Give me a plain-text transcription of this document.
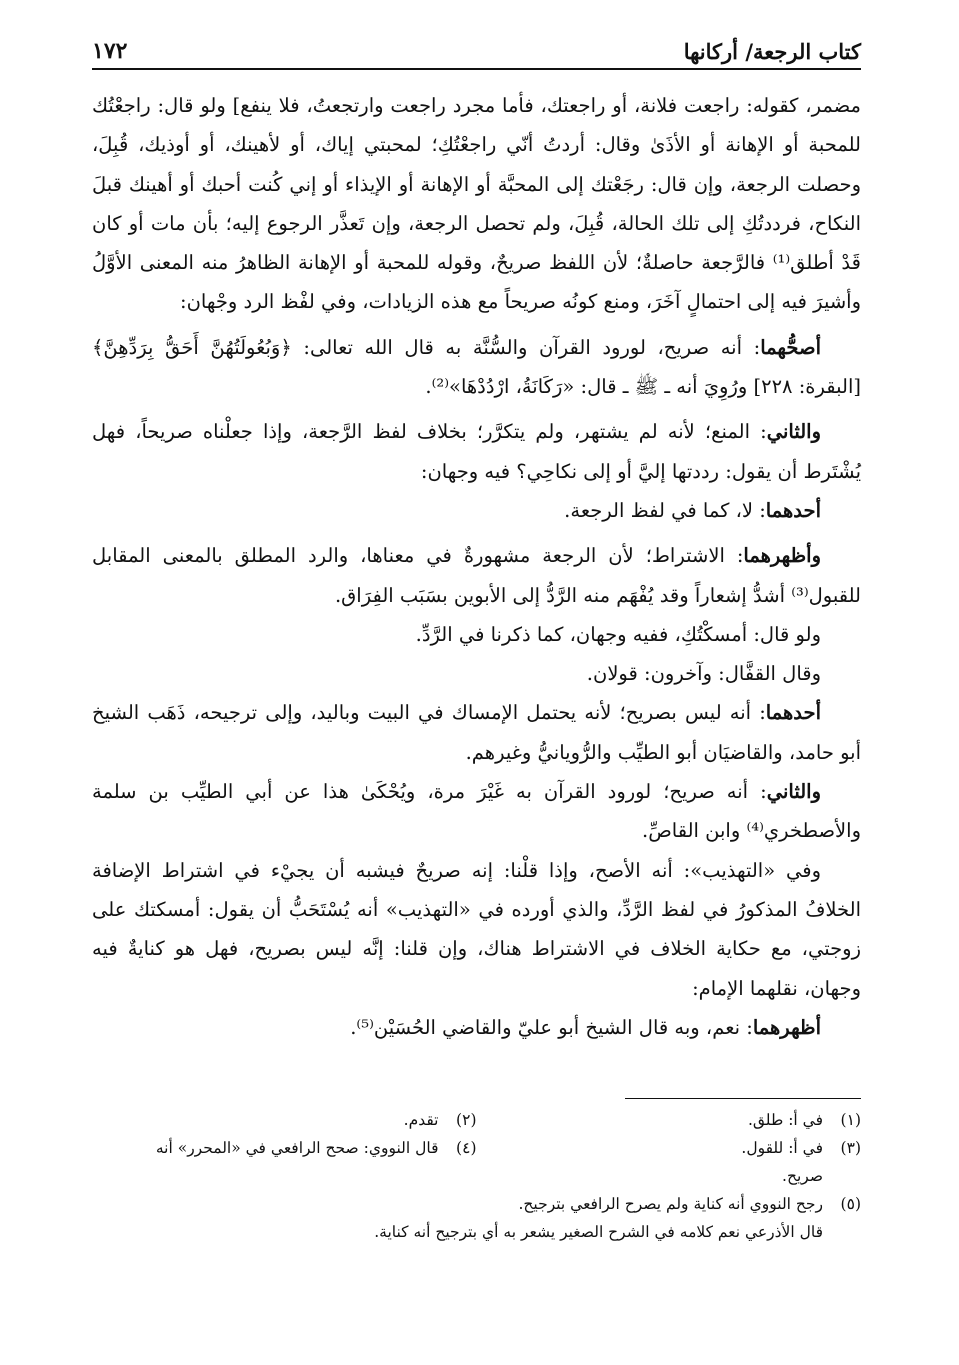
١٧٢	كتاب الرجعة/ أركانها

مضمر، كقوله: راجعت فلانة، أو راجعتك، فأما مجرد راجعت وارتجعتُ، فلا ينفع] ولو قال: راجعْتُك للمحبة أو الإهانة أو الأذَىٰ وقال: أردتُ أنّي راجعْتُكِ؛ لمحبتي إياك، أو لأهينك، أو أوذيك، قُبِلَ، وحصلت الرجعة، وإن قال: رجَعْتك إلى المحبَّة أو الإهانة أو الإيذاء أو إني كُنت أحبك أو أهينك قبلَ النكاح، فرددتُكِ إلى تلك الحالة، قُبِلَ، ولم تحصل الرجعة، وإن تَعذَّر الرجوع إليه؛ بأن مات أو كان قَدْ أطلق⁽¹⁾ فالرَّجعة حاصلةٌ؛ لأن اللفظ صريحٌ، وقوله للمحبة أو الإهانة الظاهرُ منه المعنى الأوَّلُ وأشيرَ فيه إلى احتمالٍ آخَرَ، ومنع كونُه صريحاً مع هذه الزيادات، وفي لفْظ الرد وجْهان:

أصحُّهما: أنه صريح، لورود القرآن والسُّنَّة به قال الله تعالى: ﴿وَبُعُولَتُهُنَّ أَحَقُّ بِرَدِّهِنَّ﴾ [البقرة: ٢٢٨] ورُوِيَ أنه ـ ﷺ ـ قال: «رَكَانَةُ، ارْدُدْهَا»⁽²⁾.

والثاني: المنع؛ لأنه لم يشتهر، ولم يتكرَّر؛ بخلاف لفظ الرَّجعة، وإذا جعلْناه صريحاً، فهل يُشْتَرط أن يقول: رددتها إليَّ أو إلى نكاحِي؟ فيه وجهان:

أحدهما: لا، كما في لفظ الرجعة.

وأظهرهما: الاشتراط؛ لأن الرجعة مشهورةٌ في معناها، والرد المطلق بالمعنى المقابل للقبول⁽³⁾ أشدُّ إشعاراً وقد يُفْهَم منه الرَّدُّ إلى الأبوين بسَبَب الفِرَاق.

ولو قال: أمسكْتُكِ، ففيه وجهان، كما ذكرنا في الرَّدِّ.

وقال القفَّال: وآخرون: قولان.

أحدهما: أنه ليس بصريح؛ لأنه يحتمل الإمساك في البيت وباليد، وإلى ترجيحه، ذَهَب الشيخ أبو حامد، والقاضيَان أبو الطيِّب والرُّويانيُّ وغيرهم.

والثاني: أنه صريح؛ لورود القرآن به غَيْرَ مرة، ويُحْكَىٰ هذا عن أبي الطيِّب بن سلمة والأصطخري⁽⁴⁾ وابن القاصِّ.

وفي «التهذيب»: أنه الأصح، وإذا قلْنا: إنه صريحٌ فيشبه أن يجيْء في اشتراط الإضافة الخلافُ المذكورُ في لفظ الرَّدِّ، والذي أورده في «التهذيب» أنه يُسْتَحَبُّ أن يقول: أمسكتك على زوجتي، مع حكاية الخلاف في الاشتراط هناك، وإن قلنا: إنَّه ليس بصريح، فهل هو كنايةٌ فيه وجهان، نقلهما الإمام:

أظهرهما: نعم، وبه قال الشيخ أبو عليّ والقاضي الحُسَيْن⁽⁵⁾.

(١)
في أ: طلق.
(٢)
تقدم.
(٣)
في أ: للقول.
(٤)
قال النووي: صحح الرافعي في «المحرر» أنه
صريح.
(٥)
رجح النووي أنه كناية ولم يصرح الرافعي بترجيح.
قال الأذرعي نعم كلامه في الشرح الصغير يشعر به أي بترجيح أنه كناية.
